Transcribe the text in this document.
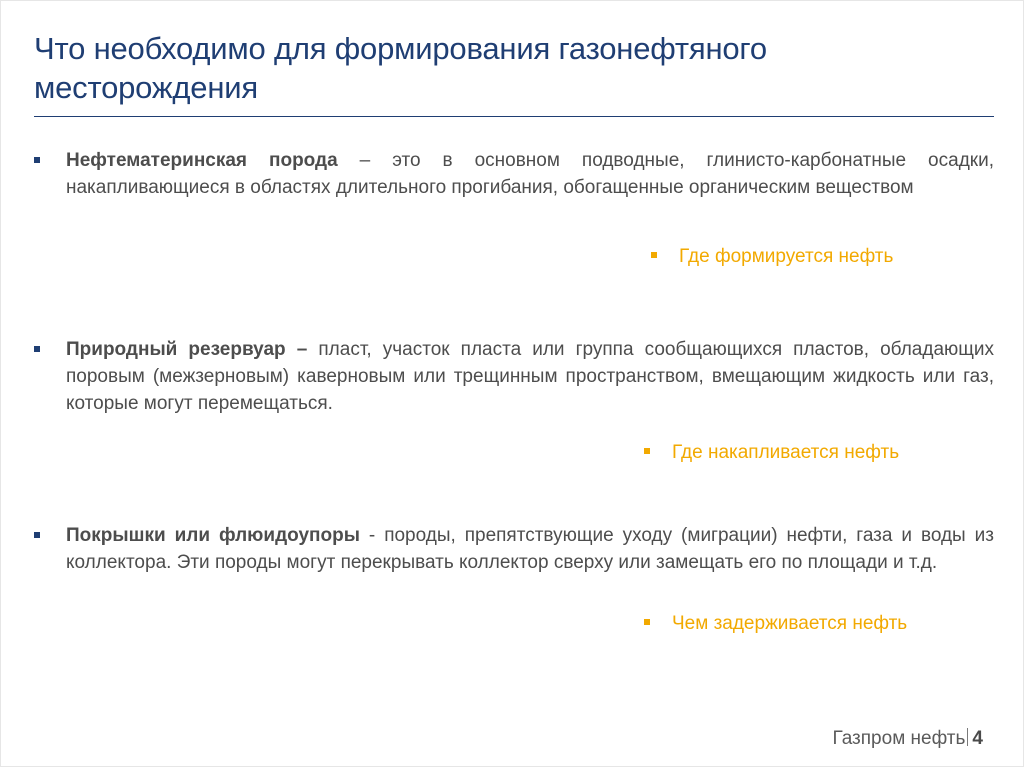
Что необходимо для формирования газонефтяного месторождения
Нефтематеринская порода – это в основном подводные, глинисто-карбонатные осадки, накапливающиеся в областях длительного прогибания, обогащенные органическим веществом
Где формируется нефть
Природный резервуар – пласт, участок пласта или группа сообщающихся пластов, обладающих поровым (межзерновым) каверновым или трещинным пространством, вмещающим жидкость или газ, которые могут перемещаться.
Где накапливается нефть
Покрышки или флюидоупоры - породы, препятствующие уходу (миграции) нефти, газа и воды из коллектора. Эти породы могут перекрывать коллектор сверху или замещать его по площади и т.д.
Чем задерживается нефть
Газпром нефть 4
